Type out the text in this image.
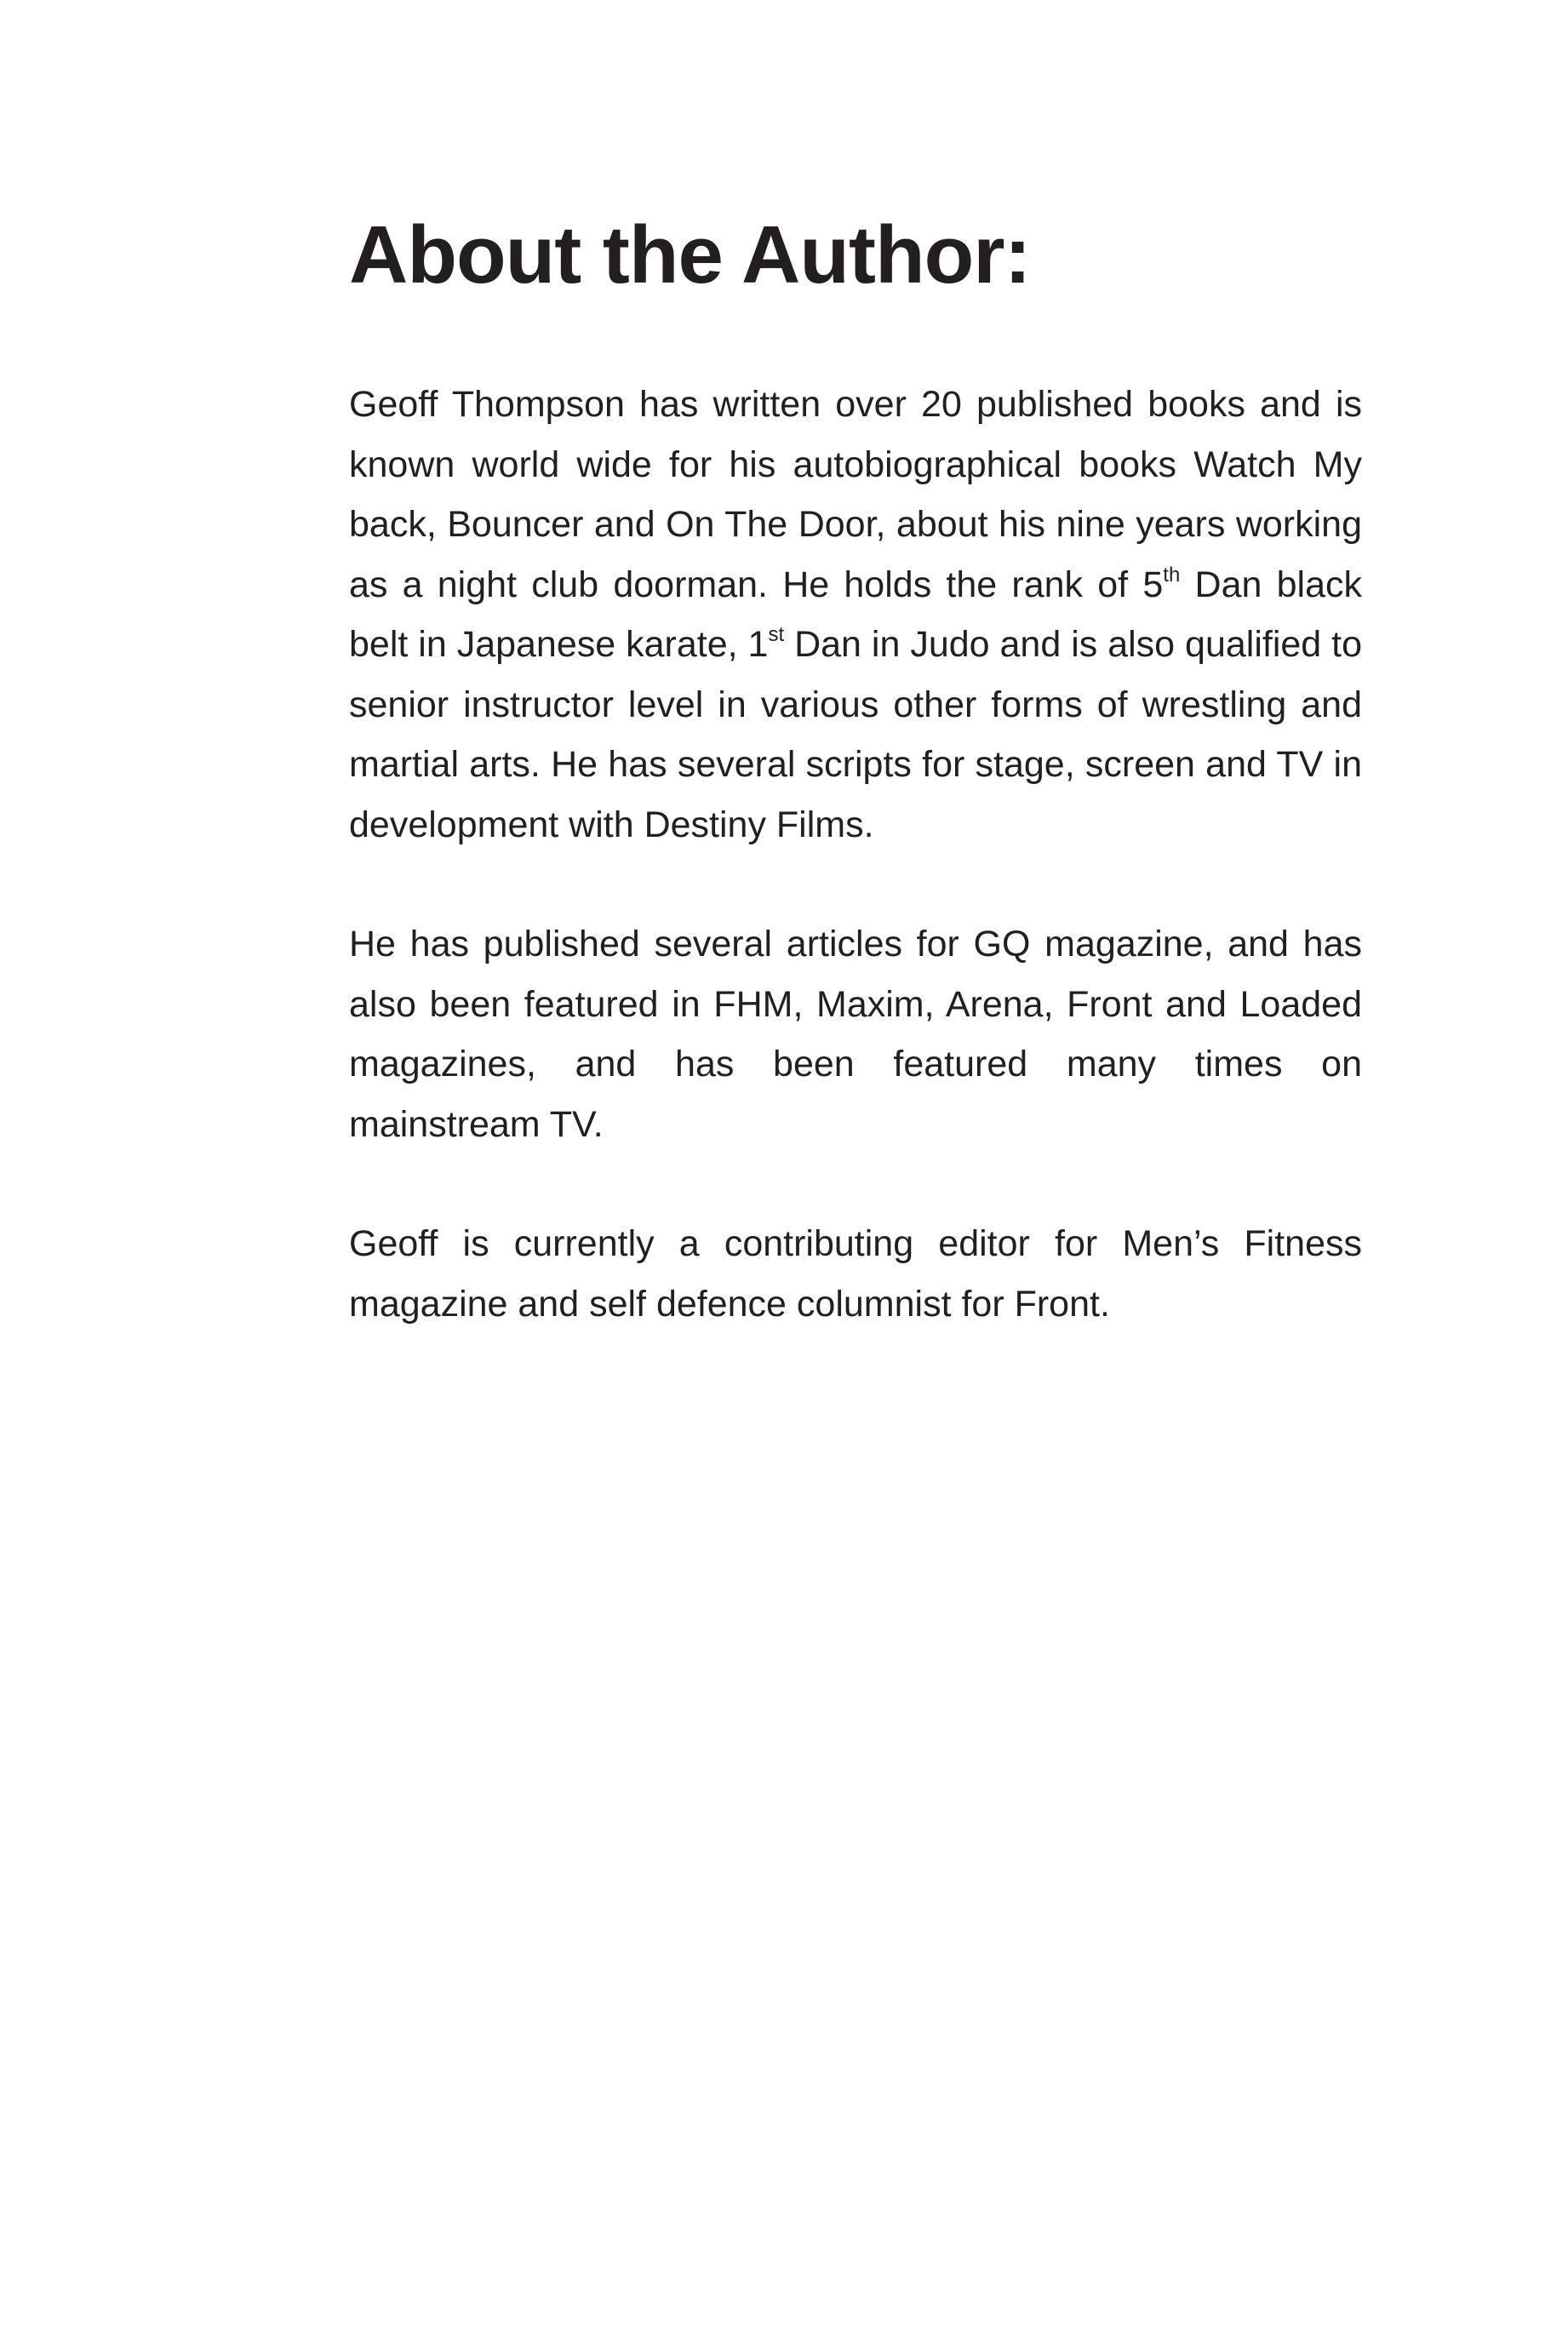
About the Author:

Geoff Thompson has written over 20 published books and is known world wide for his autobiographical books Watch My back, Bouncer and On The Door, about his nine years working as a night club doorman. He holds the rank of 5th Dan black belt in Japanese karate, 1st Dan in Judo and is also qualified to senior instructor level in various other forms of wrestling and martial arts. He has several scripts for stage, screen and TV in development with Destiny Films.

He has published several articles for GQ magazine, and has also been featured in FHM, Maxim, Arena, Front and Loaded magazines, and has been featured many times on mainstream TV.

Geoff is currently a contributing editor for Men’s Fitness magazine and self defence columnist for Front.
